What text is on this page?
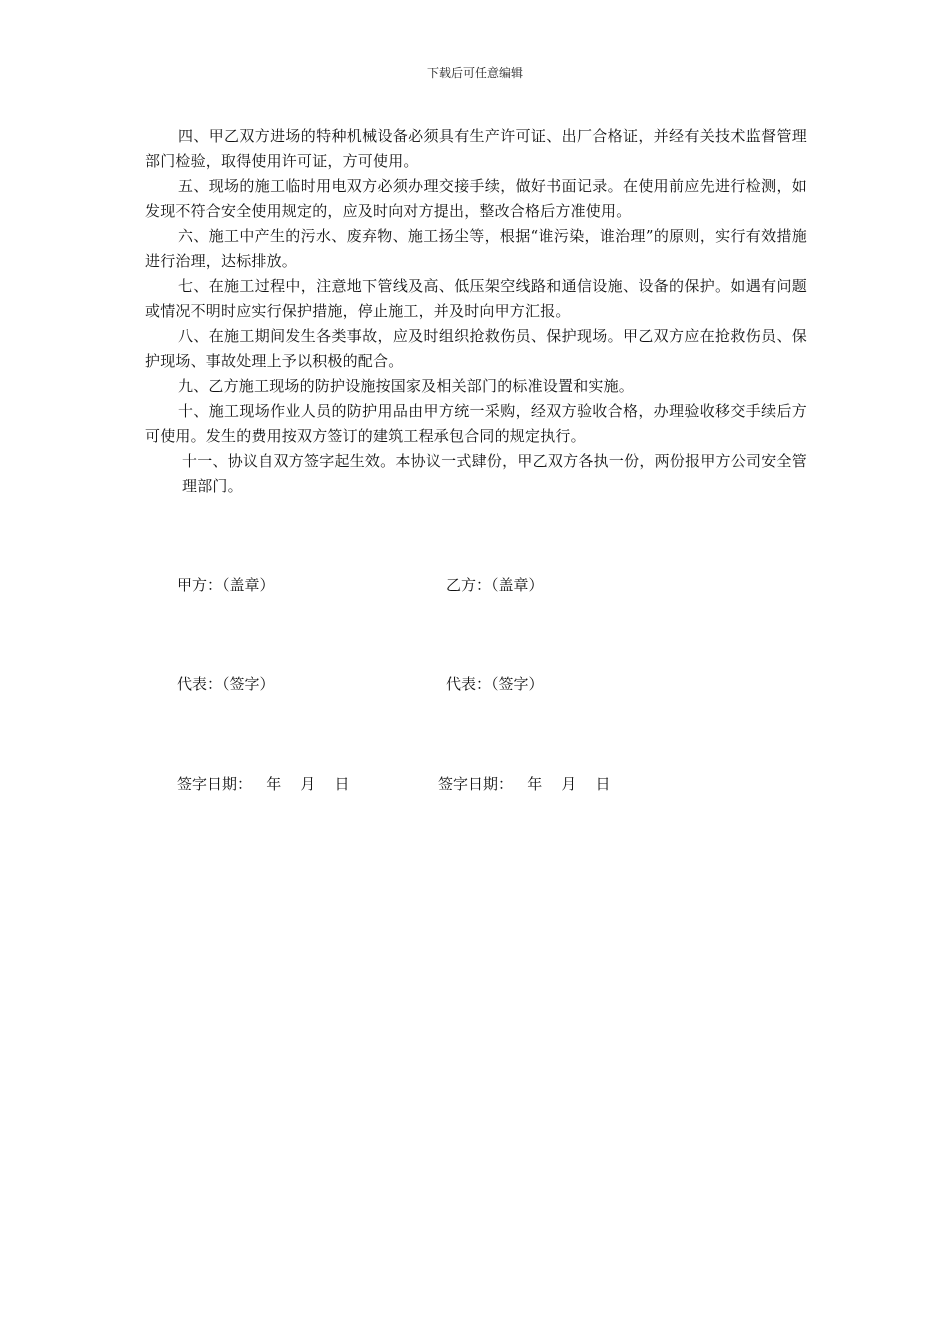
下载后可任意编辑

四、甲乙双方进场的特种机械设备必须具有生产许可证、出厂合格证，并经有关技术监督管理部门检验，取得使用许可证，方可使用。

五、现场的施工临时用电双方必须办理交接手续，做好书面记录。在使用前应先进行检测，如发现不符合安全使用规定的，应及时向对方提出，整改合格后方准使用。

六、施工中产生的污水、废弃物、施工扬尘等，根据“谁污染，谁治理”的原则，实行有效措施进行治理，达标排放。

七、在施工过程中，注意地下管线及高、低压架空线路和通信设施、设备的保护。如遇有问题或情况不明时应实行保护措施，停止施工，并及时向甲方汇报。

八、在施工期间发生各类事故，应及时组织抢救伤员、保护现场。甲乙双方应在抢救伤员、保护现场、事故处理上予以积极的配合。

九、乙方施工现场的防护设施按国家及相关部门的标准设置和实施。

十、施工现场作业人员的防护用品由甲方统一采购，经双方验收合格，办理验收移交手续后方可使用。发生的费用按双方签订的建筑工程承包合同的规定执行。

十一、协议自双方签字起生效。本协议一式肆份，甲乙双方各执一份，两份报甲方公司安全管理部门。

甲方：（盖章）	乙方：（盖章）
代表：（签字）	代表：（签字）
签字日期：   年    月    日	签字日期：   年    月    日
